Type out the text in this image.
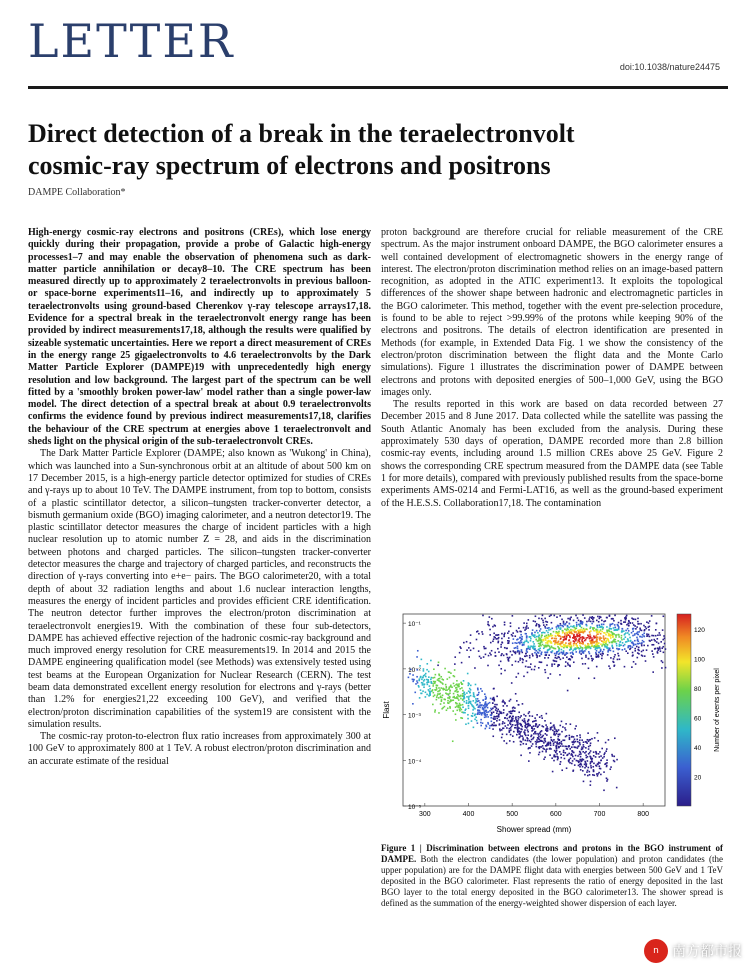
LETTER	doi:10.1038/nature24475
Direct detection of a break in the teraelectronvolt
cosmic-ray spectrum of electrons and positrons
DAMPE Collaboration*

High-energy cosmic-ray electrons and positrons (CREs), which lose energy quickly during their propagation, provide a probe of Galactic high-energy processes1–7 and may enable the observation of phenomena such as dark-matter particle annihilation or decay8–10. The CRE spectrum has been measured directly up to approximately 2 teraelectronvolts in previous balloon- or space-borne experiments11–16, and indirectly up to approximately 5 teraelectronvolts using ground-based Cherenkov γ-ray telescope arrays17,18. Evidence for a spectral break in the teraelectronvolt energy range has been provided by indirect measurements17,18, although the results were qualified by sizeable systematic uncertainties. Here we report a direct measurement of CREs in the energy range 25 gigaelectronvolts to 4.6 teraelectronvolts by the Dark Matter Particle Explorer (DAMPE)19 with unprecedentedly high energy resolution and low background. The largest part of the spectrum can be well fitted by a 'smoothly broken power-law' model rather than a single power-law model. The direct detection of a spectral break at about 0.9 teraelectronvolts confirms the evidence found by previous indirect measurements17,18, clarifies the behaviour of the CRE spectrum at energies above 1 teraelectronvolt and sheds light on the physical origin of the sub-teraelectronvolt CREs.

The Dark Matter Particle Explorer (DAMPE; also known as 'Wukong' in China), which was launched into a Sun-synchronous orbit at an altitude of about 500 km on 17 December 2015, is a high-energy particle detector optimized for studies of CREs and γ-rays up to about 10 TeV. The DAMPE instrument, from top to bottom, consists of a plastic scintillator detector, a silicon–tungsten tracker-converter detector, a bismuth germanium oxide (BGO) imaging calorimeter, and a neutron detector19. The plastic scintillator detector measures the charge of incident particles with a high nuclear resolution up to atomic number Z = 28, and aids in the discrimination between photons and charged particles. The silicon–tungsten tracker-converter detector measures the charge and trajectory of charged particles, and reconstructs the direction of γ-rays converting into e+e− pairs. The BGO calorimeter20, with a total depth of about 32 radiation lengths and about 1.6 nuclear interaction lengths, measures the energy of incident particles and provides efficient CRE identification. The neutron detector further improves the electron/proton discrimination at teraelectronvolt energies19. With the combination of these four sub-detectors, DAMPE has achieved effective rejection of the hadronic cosmic-ray background and much improved energy resolution for CRE measurements19. In 2014 and 2015 the DAMPE engineering qualification model (see Methods) was extensively tested using test beams at the European Organization for Nuclear Research (CERN). The test beam data demonstrated excellent energy resolution for electrons and γ-rays (better than 1.2% for energies21,22 exceeding 100 GeV), and verified that the electron/proton discrimination capabilities of the system19 are consistent with the simulation results.

The cosmic-ray proton-to-electron flux ratio increases from approximately 300 at 100 GeV to approximately 800 at 1 TeV. A robust electron/proton discrimination and an accurate estimate of the residual

proton background are therefore crucial for reliable measurement of the CRE spectrum. As the major instrument onboard DAMPE, the BGO calorimeter ensures a well contained development of electromagnetic showers in the energy range of interest. The electron/proton discrimination method relies on an image-based pattern recognition, as adopted in the ATIC experiment13. It exploits the topological differences of the shower shape between hadronic and electromagnetic particles in the BGO calorimeter. This method, together with the event pre-selection procedure, is found to be able to reject >99.99% of the protons while keeping 90% of the electrons and positrons. The details of electron identification are presented in Methods (for example, in Extended Data Fig. 1 we show the consistency of the electron/proton discrimination between the flight data and the Monte Carlo simulations). Figure 1 illustrates the discrimination power of DAMPE between electrons and protons with deposited energies of 500–1,000 GeV, using the BGO images only.

The results reported in this work are based on data recorded between 27 December 2015 and 8 June 2017. Data collected while the satellite was passing the South Atlantic Anomaly has been excluded from the analysis. During these approximately 530 days of operation, DAMPE recorded more than 2.8 billion cosmic-ray events, including around 1.5 million CREs above 25 GeV. Figure 2 shows the corresponding CRE spectrum measured from the DAMPE data (see Table 1 for more details), compared with previously published results from the space-borne experiments AMS-0214 and Fermi-LAT16, as well as the ground-based experiment of the H.E.S.S. Collaboration17,18. The contamination

300	400	500	600	700	800
10⁻¹
10⁻²
10⁻³
10⁻⁴
10⁻⁵
Shower spread (mm)
Flast
20
40
60
80
100
120
Number of events per pixel
Figure 1 | Discrimination between electrons and protons in the BGO instrument of DAMPE. Both the electron candidates (the lower population) and proton candidates (the upper population) are for the DAMPE flight data with energies between 500 GeV and 1 TeV deposited in the BGO calorimeter. Flast represents the ratio of energy deposited in the last BGO layer to the total energy deposited in the BGO calorimeter13. The shower spread is defined as the summation of the energy-weighted shower dispersion of each layer.
n 南方都市报
